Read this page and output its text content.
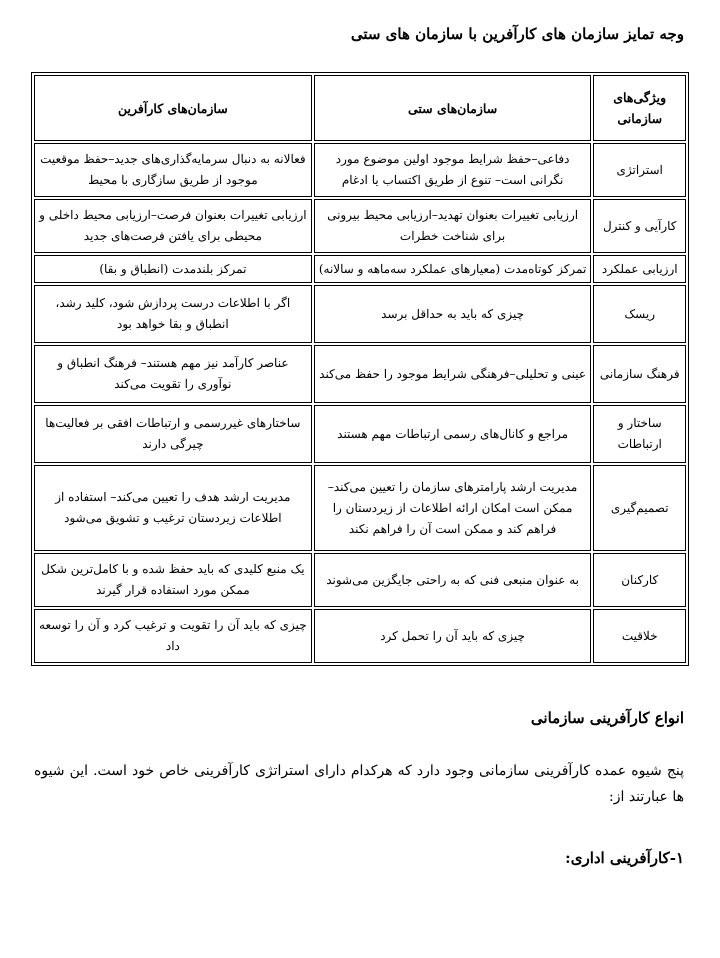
وجه تمایز سازمان های کارآفرین با سازمان های ستی
ویژگی‌های سازمانی	سازمان‌های ستی	سازمان‌های کارآفرین
استراتژی	دفاعی–حفظ شرایط موجود اولین موضوع مورد نگرانی است– تنوع از طریق اکتساب یا ادغام	فعالانه به دنبال سرمایه‌گذاری‌های جدید–حفظ موقعیت موجود از طریق سازگاری با محیط
کارآیی و کنترل	ارزیابی تغییرات بعنوان تهدید–ارزیابی محیط بیرونی برای شناخت خطرات	ارزیابی تغییرات بعنوان فرصت–ارزیابی محیط داخلی و محیطی برای یافتن فرصت‌های جدید
ارزیابی عملکرد	تمرکز کوتاه‌مدت (معیارهای عملکرد سه‌ماهه و سالانه)	تمرکز بلندمدت (انطباق و بقا)
ریسک	چیزی که باید به حداقل برسد	اگر با اطلاعات درست پردازش شود، کلید رشد، انطباق و بقا خواهد بود
فرهنگ سازمانی	عینی و تحلیلی–فرهنگی شرایط موجود را حفظ می‌کند	عناصر کارآمد نیز مهم هستند– فرهنگ انطباق و نوآوری را تقویت می‌کند
ساختار و ارتباطات	مراجع و کانال‌های رسمی ارتباطات مهم هستند	ساختارهای غیررسمی و ارتباطات افقی بر فعالیت‌ها چیرگی دارند
تصمیم‌گیری	مدیریت ارشد پارامترهای سازمان را تعیین می‌کند– ممکن است امکان ارائه اطلاعات از زیردستان را فراهم کند و ممکن است آن را فراهم نکند	مدیریت ارشد هدف را تعیین می‌کند– استفاده از اطلاعات زیردستان ترغیب و تشویق می‌شود
کارکنان	به عنوان منبعی فنی که به راحتی جایگزین می‌شوند	یک منبع کلیدی که باید حفظ شده و با کامل‌ترین شکل ممکن مورد استفاده قرار گیرند
خلاقیت	چیزی که باید آن را تحمل کرد	چیزی که باید آن را تقویت و ترغیب کرد و آن را توسعه داد
انواع کارآفرینی سازمانی
پنج شیوه عمده کارآفرینی سازمانی وجود دارد که هرکدام دارای استراتژی کارآفرینی خاص خود است. این شیوه ها عبارتند از:
۱-کارآفرینی اداری:
